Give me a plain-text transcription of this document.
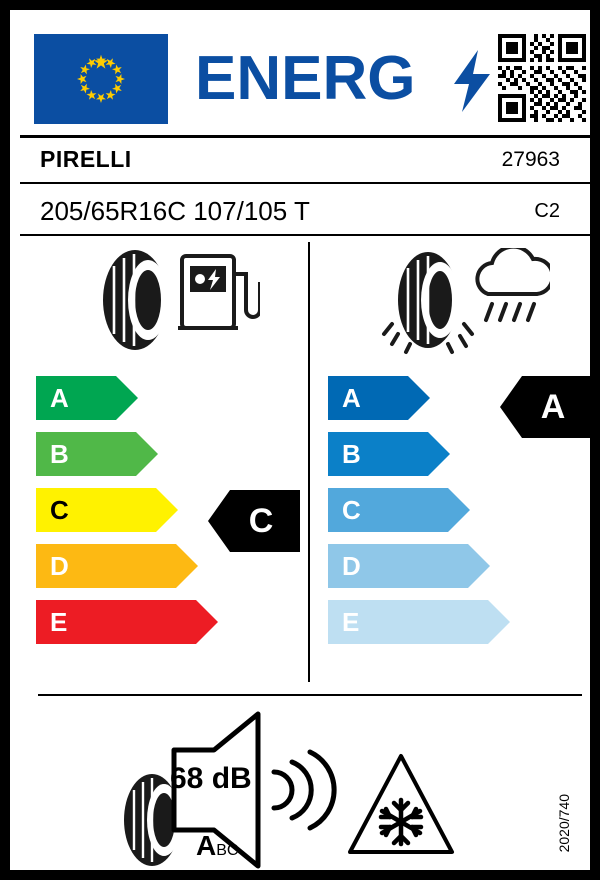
ENERG
PIRELLI	27963
205/65R16C 107/105 T	C2
A
B
C
D
E
C
A
B
C
D
E
A
68 dB
ABC	2020/740
